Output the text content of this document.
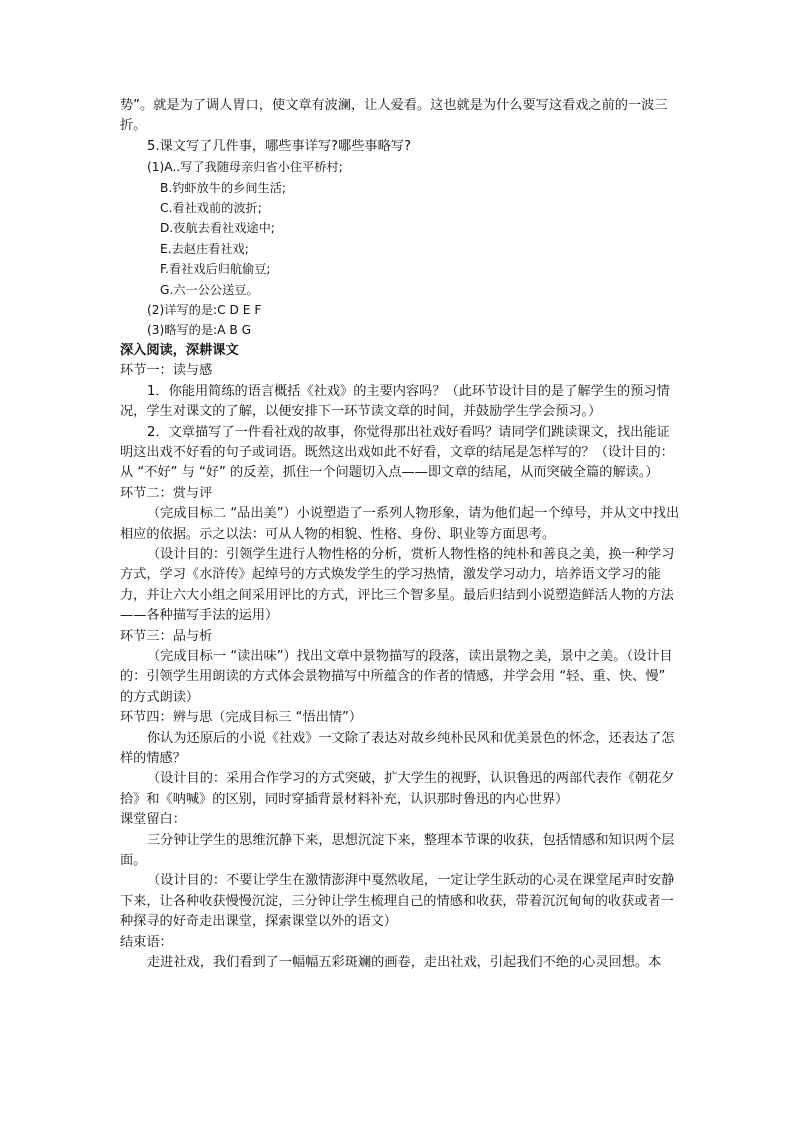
势”。就是为了调人胃口，使文章有波澜，让人爱看。这也就是为什么要写这看戏之前的一波三折。

5.课文写了几件事，哪些事详写?哪些事略写?

(1)A..写了我随母亲归省小住平桥村;

B.钓虾放牛的乡间生活;

C.看社戏前的波折;

D.夜航去看社戏途中;

E.去赵庄看社戏;

F.看社戏后归航偷豆;

G.六一公公送豆。

(2)详写的是:C D E F

(3)略写的是:A B G

深入阅读，深耕课文

环节一：读与感

1．你能用简练的语言概括《社戏》的主要内容吗？（此环节设计目的是了解学生的预习情况，学生对课文的了解，以便安排下一环节读文章的时间，并鼓励学生学会预习。）

2．文章描写了一件看社戏的故事，你觉得那出社戏好看吗？请同学们跳读课文，找出能证明这出戏不好看的句子或词语。既然这出戏如此不好看，文章的结尾是怎样写的？（设计目的：从 “不好” 与 “好” 的反差，抓住一个问题切入点——即文章的结尾，从而突破全篇的解读。）

环节二：赏与评

（完成目标二 “品出美”）小说塑造了一系列人物形象，请为他们起一个绰号，并从文中找出相应的依据。示之以法：可从人物的相貌、性格、身份、职业等方面思考。

（设计目的：引领学生进行人物性格的分析，赏析人物性格的纯朴和善良之美，换一种学习方式，学习《水浒传》起绰号的方式焕发学生的学习热情，激发学习动力，培养语文学习的能力，并让六大小组之间采用评比的方式，评比三个智多星。最后归结到小说塑造鲜活人物的方法——各种描写手法的运用）

环节三：品与析

（完成目标一 “读出味”）找出文章中景物描写的段落，读出景物之美，景中之美。（设计目的：引领学生用朗读的方式体会景物描写中所蕴含的作者的情感，并学会用 “轻、重、快、慢” 的方式朗读）

环节四：辨与思（完成目标三 “悟出情”）

你认为还原后的小说《社戏》一文除了表达对故乡纯朴民风和优美景色的怀念，还表达了怎样的情感？

（设计目的：采用合作学习的方式突破，扩大学生的视野，认识鲁迅的两部代表作《朝花夕拾》和《呐喊》的区别，同时穿插背景材料补充，认识那时鲁迅的内心世界）

课堂留白：

三分钟让学生的思维沉静下来，思想沉淀下来，整理本节课的收获，包括情感和知识两个层面。

（设计目的：不要让学生在激情澎湃中戛然收尾，一定让学生跃动的心灵在课堂尾声时安静下来，让各种收获慢慢沉淀，三分钟让学生梳理自己的情感和收获，带着沉沉甸甸的收获或者一种探寻的好奇走出课堂，探索课堂以外的语文）

结束语：

走进社戏，我们看到了一幅幅五彩斑斓的画卷，走出社戏，引起我们不绝的心灵回想。本
